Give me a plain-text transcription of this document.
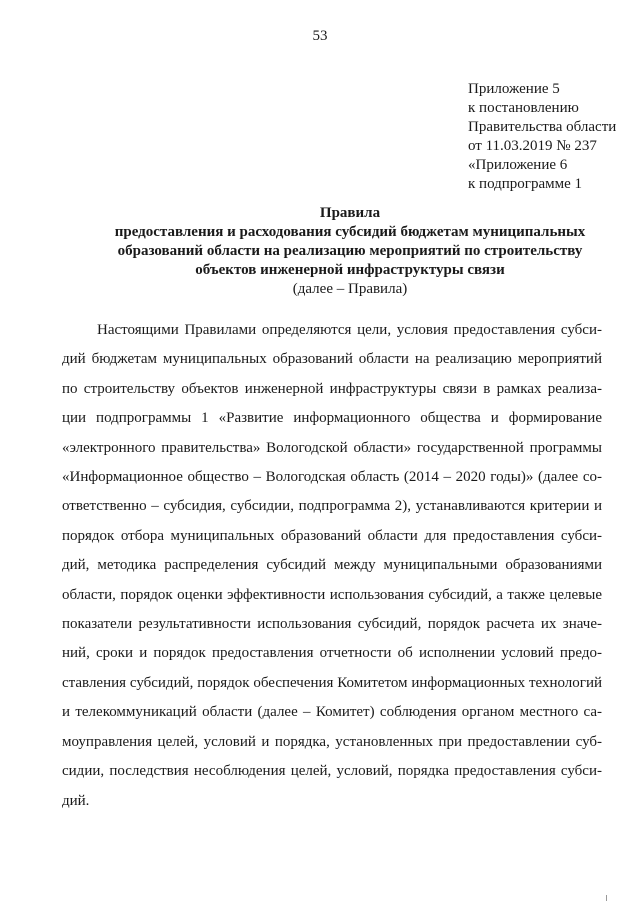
53
Приложение 5
к постановлению
Правительства области
от 11.03.2019 № 237
«Приложение 6
к подпрограмме 1
Правила
предоставления и расходования субсидий бюджетам муниципальных
образований области на реализацию мероприятий по строительству
объектов инженерной инфраструктуры связи
(далее – Правила)
Настоящими Правилами определяются цели, условия предоставления субси-
дий бюджетам муниципальных образований области на реализацию мероприятий
по строительству объектов инженерной инфраструктуры связи в рамках реализа-
ции подпрограммы 1 «Развитие информационного общества и формирование
«электронного правительства» Вологодской области» государственной программы
«Информационное общество – Вологодская область (2014 – 2020 годы)» (далее со-
ответственно – субсидия, субсидии, подпрограмма 2), устанавливаются критерии и
порядок отбора муниципальных образований области для предоставления субси-
дий, методика распределения субсидий между муниципальными образованиями
области, порядок оценки эффективности использования субсидий, а также целевые
показатели результативности использования субсидий, порядок расчета их значе-
ний, сроки и порядок предоставления отчетности об исполнении условий предо-
ставления субсидий, порядок обеспечения Комитетом информационных технологий
и телекоммуникаций области (далее – Комитет) соблюдения органом местного са-
моуправления целей, условий и порядка, установленных при предоставлении суб-
сидии, последствия несоблюдения целей, условий, порядка предоставления субси-
дий.
